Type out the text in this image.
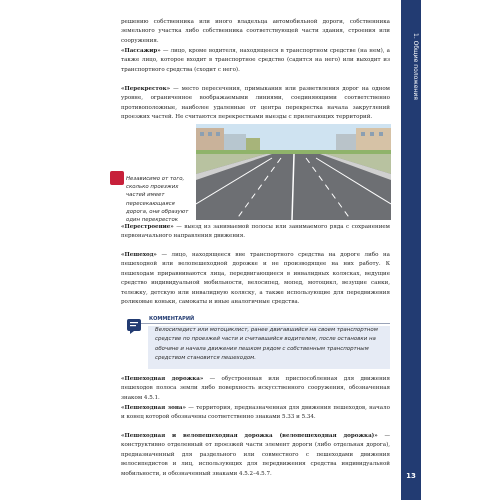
решению собственника или иного владельца автомобильной дороги, собственника земельного участка либо собственника соответствующей части здания, строения или сооружения.

«Пассажир» — лицо, кроме водителя, находящееся в транспортном средстве (на нем), а также лицо, которое входит в транспортное средство (садится на него) или выходит из транспортного средства (сходит с него).

«Перекресток» — место пересечения, примыкания или разветвления дорог на одном уровне, ограниченное воображаемыми линиями, соединяющими соответственно противоположные, наиболее удаленные от центра перекрестка начала закруглений проезжих частей. Не считаются перекрестками выезды с прилегающих территорий.

Независимо от того, сколько проезжих частей имеет пересекающаяся дорога, они образуют один перекресток

«Перестроение» — выезд из занимаемой полосы или занимаемого ряда с сохранением первоначального направления движения.

«Пешеход» — лицо, находящееся вне транспортного средства на дороге либо на пешеходной или велопешеходной дорожке и не производящее на них работу. К пешеходам приравниваются лица, передвигающиеся в инвалидных колясках, ведущие средство индивидуальной мобильности, велосипед, мопед, мотоцикл, везущие санки, тележку, детскую или инвалидную коляску, а также использующие для передвижения роликовые коньки, самокаты и иные аналогичные средства.

КОММЕНТАРИЙ
Велосипедист или мотоциклист, ранее двигавшийся на своем транспортном средстве по проезжей части и считавшийся водителем, после остановки на обочине и начала движения пешком рядом с собственным транспортным средством становится пешеходом.

«Пешеходная дорожка» — обустроенная или приспособленная для движения пешеходов полоса земли либо поверхность искусственного сооружения, обозначенная знаком 4.5.1.

«Пешеходная зона» — территория, предназначенная для движения пешеходов, начало и конец которой обозначены соответственно знаками 5.33 и 5.34.

«Пешеходная и велопешеходная дорожка (велопешеходная дорожка)» — конструктивно отделенный от проезжей части элемент дороги (либо отдельная дорога), предназначенный для раздельного или совместного с пешеходами движения велосипедистов и лиц, использующих для передвижения средства индивидуальной мобильности, и обозначенный знаками 4.5.2–4.5.7.

1. Общие положения
13
